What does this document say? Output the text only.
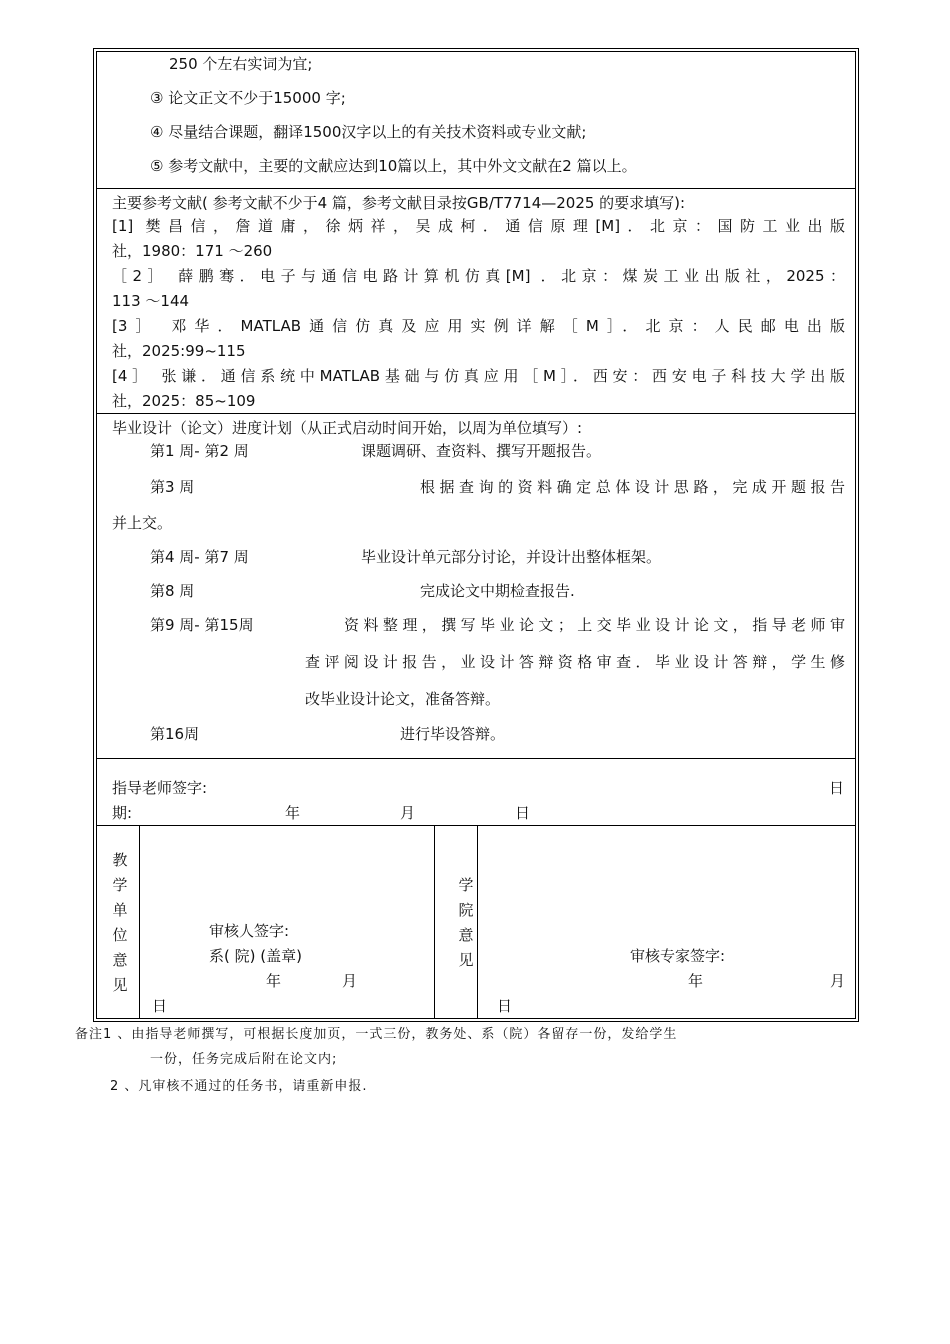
250 个左右实词为宜;
③ 论文正文不少于15000 字;
④ 尽量结合课题，翻译1500汉字以上的有关技术资料或专业文献;
⑤ 参考文献中，主要的文献应达到10篇以上，其中外文文献在2 篇以上。
主要参考文献( 参考文献不少于4 篇，参考文献目录按GB/T7714—2025 的要求填写):
[1] 樊昌信，詹道庸，徐炳祥，吴成柯．通信原理[M]．北京：国防工业出版
社，1980：171 ～260
［2］ 薛鹏骞．电子与通信电路计算机仿真[M] ．北京：煤炭工业出版社，2025：
113 ～144
[3］ 邓华．MATLAB通信仿真及应用实例详解［M］．北京：人民邮电出版
社，2025:99~115
[4］ 张谦．通信系统中MATLAB基础与仿真应用［M］．西安：西安电子科技大学出版
社，2025：85~109
毕业设计（论文）进度计划（从正式启动时间开始，以周为单位填写）:
第1 周- 第2 周	课题调研、查资料、撰写开题报告。
第3 周	根据查询的资料确定总体设计思路，完成开题报告
并上交。
第4 周- 第7 周	毕业设计单元部分讨论，并设计出整体框架。
第8 周	完成论文中期检查报告.
第9 周- 第15周	资料整理，撰写毕业论文；上交毕业设计论文，指导老师审
查评阅设计报告，业设计答辩资格审查．毕业设计答辩，学生修
改毕业设计论文，准备答辩。
第16周	进行毕设答辩。
指导老师签字:	日
期:	年	月	日
教学单位意见
审核人签字:
系( 院) (盖章)
年	月
日
学院意见	审核专家签字:
年	月
日
备注1 、由指导老师撰写，可根据长度加页，一式三份，教务处、系（院）各留存一份，发给学生
一份，任务完成后附在论文内;
2 、凡审核不通过的任务书，请重新申报.
